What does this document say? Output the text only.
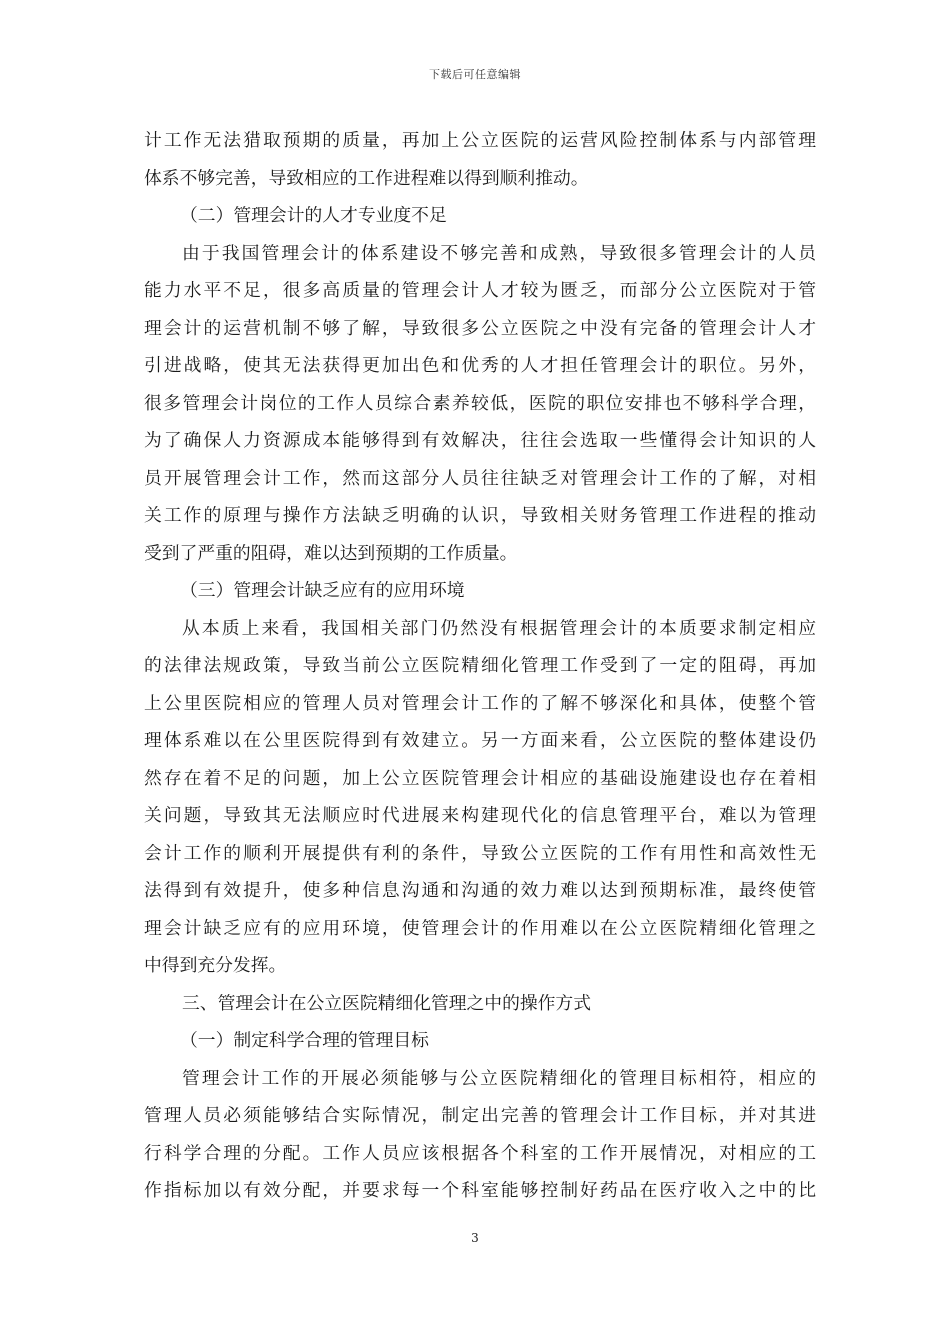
下载后可任意编辑
计工作无法猎取预期的质量，再加上公立医院的运营风险控制体系与内部管理
体系不够完善，导致相应的工作进程难以得到顺利推动。
（二）管理会计的人才专业度不足
由于我国管理会计的体系建设不够完善和成熟，导致很多管理会计的人员
能力水平不足，很多高质量的管理会计人才较为匮乏，而部分公立医院对于管
理会计的运营机制不够了解，导致很多公立医院之中没有完备的管理会计人才
引进战略，使其无法获得更加出色和优秀的人才担任管理会计的职位。另外，
很多管理会计岗位的工作人员综合素养较低，医院的职位安排也不够科学合理，
为了确保人力资源成本能够得到有效解决，往往会选取一些懂得会计知识的人
员开展管理会计工作，然而这部分人员往往缺乏对管理会计工作的了解，对相
关工作的原理与操作方法缺乏明确的认识，导致相关财务管理工作进程的推动
受到了严重的阻碍，难以达到预期的工作质量。
（三）管理会计缺乏应有的应用环境
从本质上来看，我国相关部门仍然没有根据管理会计的本质要求制定相应
的法律法规政策，导致当前公立医院精细化管理工作受到了一定的阻碍，再加
上公里医院相应的管理人员对管理会计工作的了解不够深化和具体，使整个管
理体系难以在公里医院得到有效建立。另一方面来看，公立医院的整体建设仍
然存在着不足的问题，加上公立医院管理会计相应的基础设施建设也存在着相
关问题，导致其无法顺应时代进展来构建现代化的信息管理平台，难以为管理
会计工作的顺利开展提供有利的条件，导致公立医院的工作有用性和高效性无
法得到有效提升，使多种信息沟通和沟通的效力难以达到预期标准，最终使管
理会计缺乏应有的应用环境，使管理会计的作用难以在公立医院精细化管理之
中得到充分发挥。
三、管理会计在公立医院精细化管理之中的操作方式
（一）制定科学合理的管理目标
管理会计工作的开展必须能够与公立医院精细化的管理目标相符，相应的
管理人员必须能够结合实际情况，制定出完善的管理会计工作目标，并对其进
行科学合理的分配。工作人员应该根据各个科室的工作开展情况，对相应的工
作指标加以有效分配，并要求每一个科室能够控制好药品在医疗收入之中的比
3
